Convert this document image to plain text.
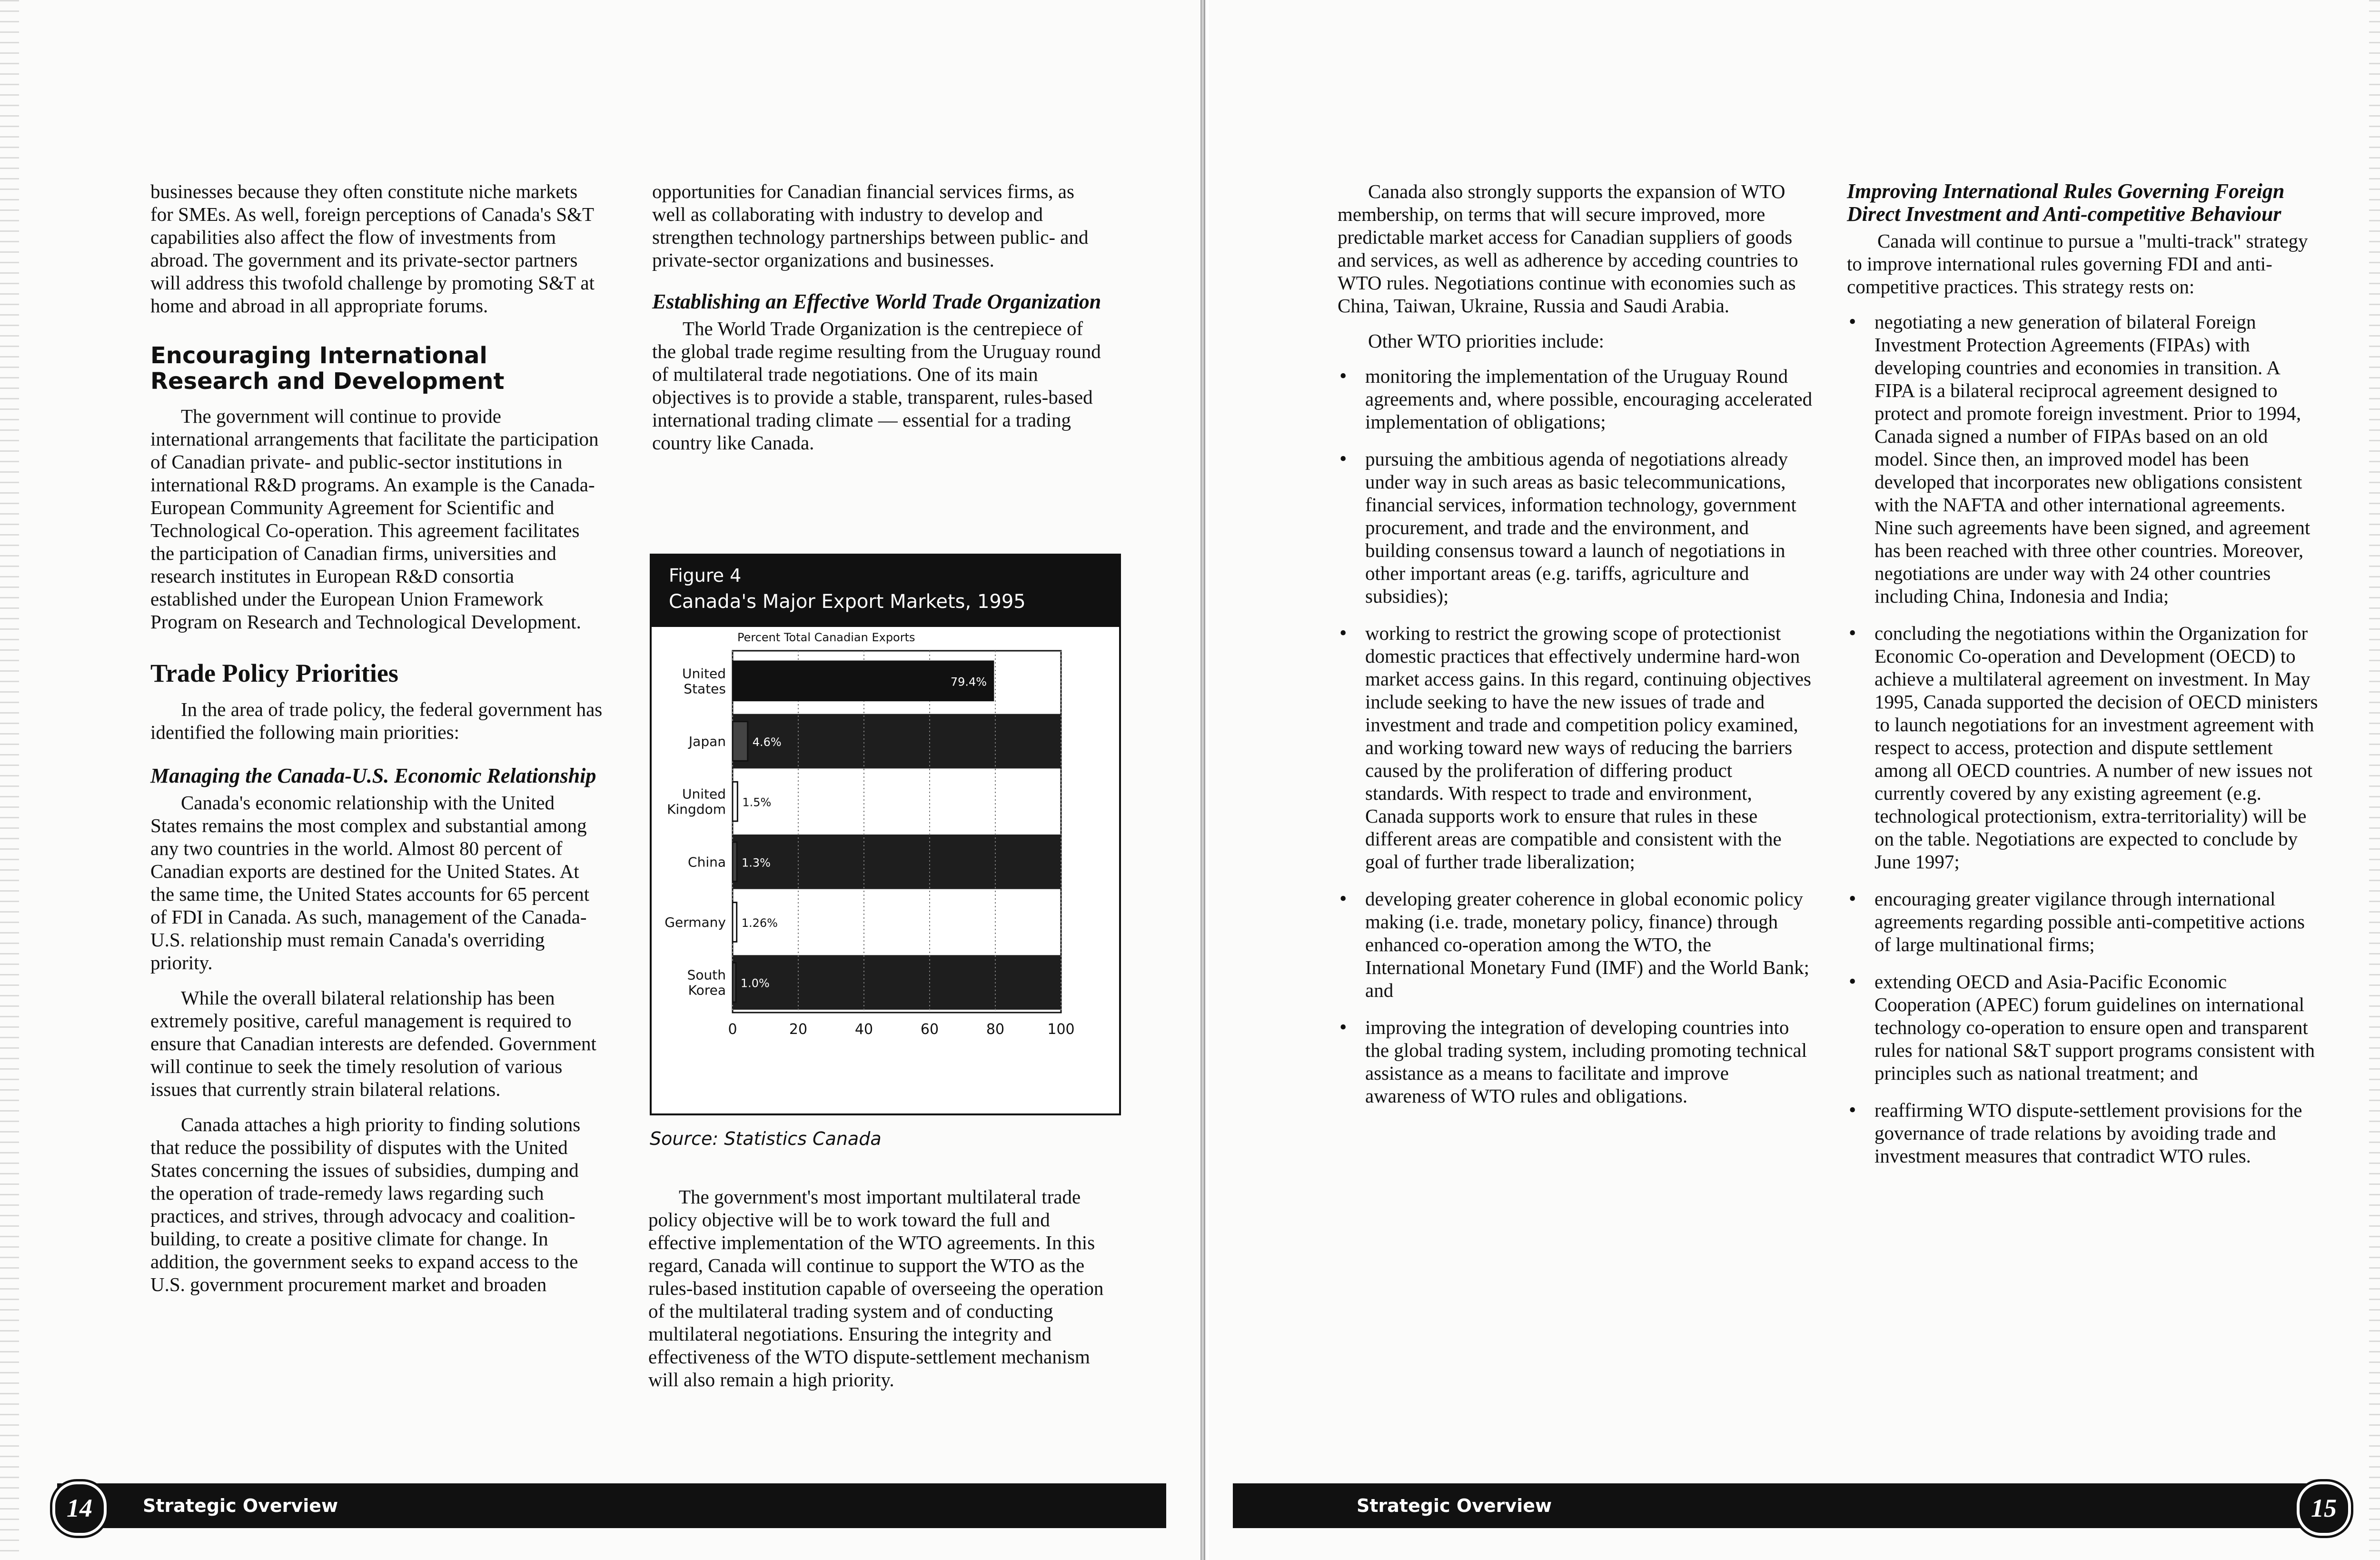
businesses because they often constitute niche markets for SMEs. As well, foreign perceptions of Canada's S&T capabilities also affect the flow of investments from abroad. The government and its private-sector partners will address this twofold challenge by promoting S&T at home and abroad in all appropriate forums.

Encouraging International Research and Development

The government will continue to provide international arrangements that facilitate the participation of Canadian private- and public-sector institutions in international R&D programs. An example is the Canada-European Community Agreement for Scientific and Technological Co-operation. This agreement facilitates the participation of Canadian firms, universities and research institutes in European R&D consortia established under the European Union Framework Program on Research and Technological Development.

Trade Policy Priorities

In the area of trade policy, the federal government has identified the following main priorities:

Managing the Canada-U.S. Economic Relationship

Canada's economic relationship with the United States remains the most complex and substantial among any two countries in the world. Almost 80 percent of Canadian exports are destined for the United States. At the same time, the United States accounts for 65 percent of FDI in Canada. As such, management of the Canada-U.S. relationship must remain Canada's overriding priority.

While the overall bilateral relationship has been extremely positive, careful management is required to ensure that Canadian interests are defended. Government will continue to seek the timely resolution of various issues that currently strain bilateral relations.

Canada attaches a high priority to finding solutions that reduce the possibility of disputes with the United States concerning the issues of subsidies, dumping and the operation of trade-remedy laws regarding such practices, and strives, through advocacy and coalition-building, to create a positive climate for change. In addition, the government seeks to expand access to the U.S. government procurement market and broaden

opportunities for Canadian financial services firms, as well as collaborating with industry to develop and strengthen technology partnerships between public- and private-sector organizations and businesses.

Establishing an Effective World Trade Organization

The World Trade Organization is the centrepiece of the global trade regime resulting from the Uruguay round of multilateral trade negotiations. One of its main objectives is to provide a stable, transparent, rules-based international trading climate — essential for a trading country like Canada.

Figure 4
Canada's Major Export Markets, 1995
Percent Total Canadian Exports
0	20	40	60	80	100
79.4%
United
States
4.6%
Japan
1.5%
United
Kingdom
1.3%
China
1.26%
Germany
1.0%
South
Korea
Source: Statistics Canada

The government's most important multilateral trade policy objective will be to work toward the full and effective implementation of the WTO agreements. In this regard, Canada will continue to support the WTO as the rules-based institution capable of overseeing the operation of the multilateral trading system and of conducting multilateral negotiations. Ensuring the integrity and effectiveness of the WTO dispute-settlement mechanism will also remain a high priority.

Strategic Overview
14

Canada also strongly supports the expansion of WTO membership, on terms that will secure improved, more predictable market access for Canadian suppliers of goods and services, as well as adherence by acceding countries to WTO rules. Negotiations continue with economies such as China, Taiwan, Ukraine, Russia and Saudi Arabia.

Other WTO priorities include:

• monitoring the implementation of the Uruguay Round agreements and, where possible, encouraging accelerated implementation of obligations;
• pursuing the ambitious agenda of negotiations already under way in such areas as basic telecommunications, financial services, information technology, government procurement, and trade and the environment, and building consensus toward a launch of negotiations in other important areas (e.g. tariffs, agriculture and subsidies);
• working to restrict the growing scope of protectionist domestic practices that effectively undermine hard-won market access gains. In this regard, continuing objectives include seeking to have the new issues of trade and investment and trade and competition policy examined, and working toward new ways of reducing the barriers caused by the proliferation of differing product standards. With respect to trade and environment, Canada supports work to ensure that rules in these different areas are compatible and consistent with the goal of further trade liberalization;
• developing greater coherence in global economic policy making (i.e. trade, monetary policy, finance) through enhanced co-operation among the WTO, the International Monetary Fund (IMF) and the World Bank; and
• improving the integration of developing countries into the global trading system, including promoting technical assistance as a means to facilitate and improve awareness of WTO rules and obligations.
Improving International Rules Governing Foreign Direct Investment and Anti-competitive Behaviour

Canada will continue to pursue a "multi-track" strategy to improve international rules governing FDI and anti-competitive practices. This strategy rests on:

• negotiating a new generation of bilateral Foreign Investment Protection Agreements (FIPAs) with developing countries and economies in transition. A FIPA is a bilateral reciprocal agreement designed to protect and promote foreign investment. Prior to 1994, Canada signed a number of FIPAs based on an old model. Since then, an improved model has been developed that incorporates new obligations consistent with the NAFTA and other international agreements. Nine such agreements have been signed, and agreement has been reached with three other countries. Moreover, negotiations are under way with 24 other countries including China, Indonesia and India;
• concluding the negotiations within the Organization for Economic Co-operation and Development (OECD) to achieve a multilateral agreement on investment. In May 1995, Canada supported the decision of OECD ministers to launch negotiations for an investment agreement with respect to access, protection and dispute settlement among all OECD countries. A number of new issues not currently covered by any existing agreement (e.g. technological protectionism, extra-territoriality) will be on the table. Negotiations are expected to conclude by June 1997;
• encouraging greater vigilance through international agreements regarding possible anti-competitive actions of large multinational firms;
• extending OECD and Asia-Pacific Economic Cooperation (APEC) forum guidelines on international technology co-operation to ensure open and transparent rules for national S&T support programs consistent with principles such as national treatment; and
• reaffirming WTO dispute-settlement provisions for the governance of trade relations by avoiding trade and investment measures that contradict WTO rules.
Strategic Overview	15
